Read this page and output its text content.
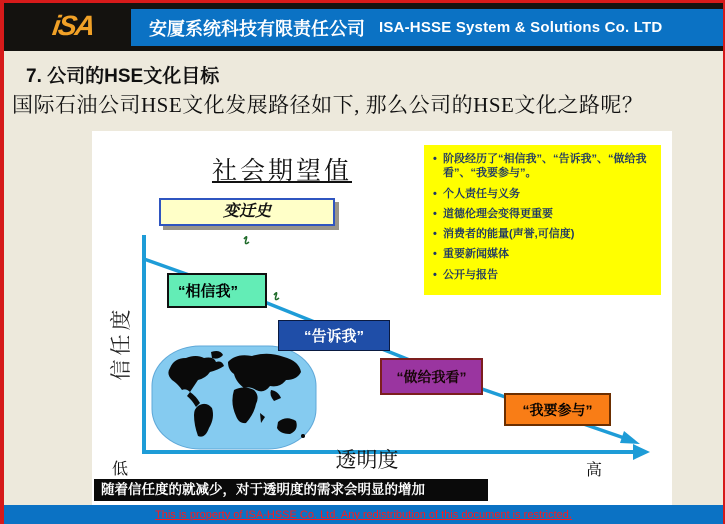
iSA	安厦系统科技有限责任公司 ISA-HSSE System & Solutions Co. LTD
7. 公司的HSE文化目标
国际石油公司HSE文化发展路径如下, 那么公司的HSE文化之路呢？
社会期望值
变迁史
• 阶段经历了“相信我”、“告诉我”、“做给我看”、“我要参与”。
• 个人责任与义务
• 道德伦理会变得更重要
• 消费者的能量(声誉,可信度)
• 重要新闻媒体
• 公开与报告
“相信我”
“告诉我”
“做给我看”
“我要参与”
信任度
透明度
低	高
随着信任度的就减少，对于透明度的需求会明显的增加
This is property of ISA-HSSE Co. Ltd. Any redistribution of this document is restricted.
